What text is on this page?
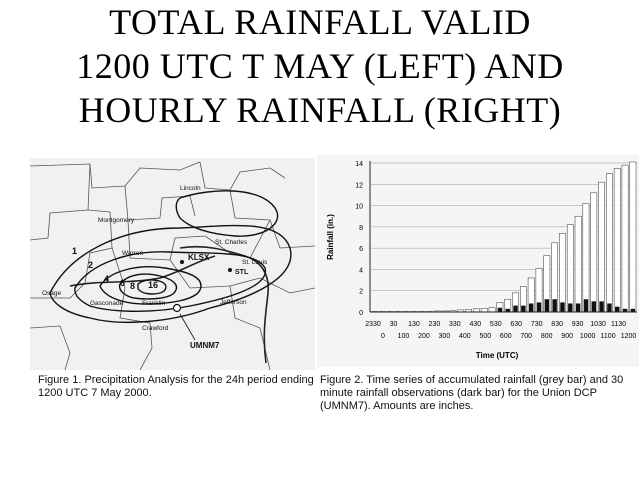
TOTAL RAINFALL VALID
1200 UTC T MAY (LEFT) AND
HOURLY RAINFALL (RIGHT)
1
2
4 6 8 16
Lincoln
Montgomery
St. Charles
St. Louis
KLSX
STL
Warren
Osage
Gasconade	Franklin	Jefferson
UMNM7
Crawford
Figure 1. Precipitation Analysis for the 24h period ending 1200 UTC 7 May 2000.
0
2
4
6
8
10
12
14
2330 30 130 230 330 430 530 630 730 830 930 1030 1130
0 100 200 300 400 500 600 700 800 900 1000 1100 1200
Rainfall (in.)
Time (UTC)
Figure 2. Time series of accumulated rainfall (grey bar) and 30 minute rainfall observations (dark bar) for the Union DCP (UMNM7). Amounts are inches.
